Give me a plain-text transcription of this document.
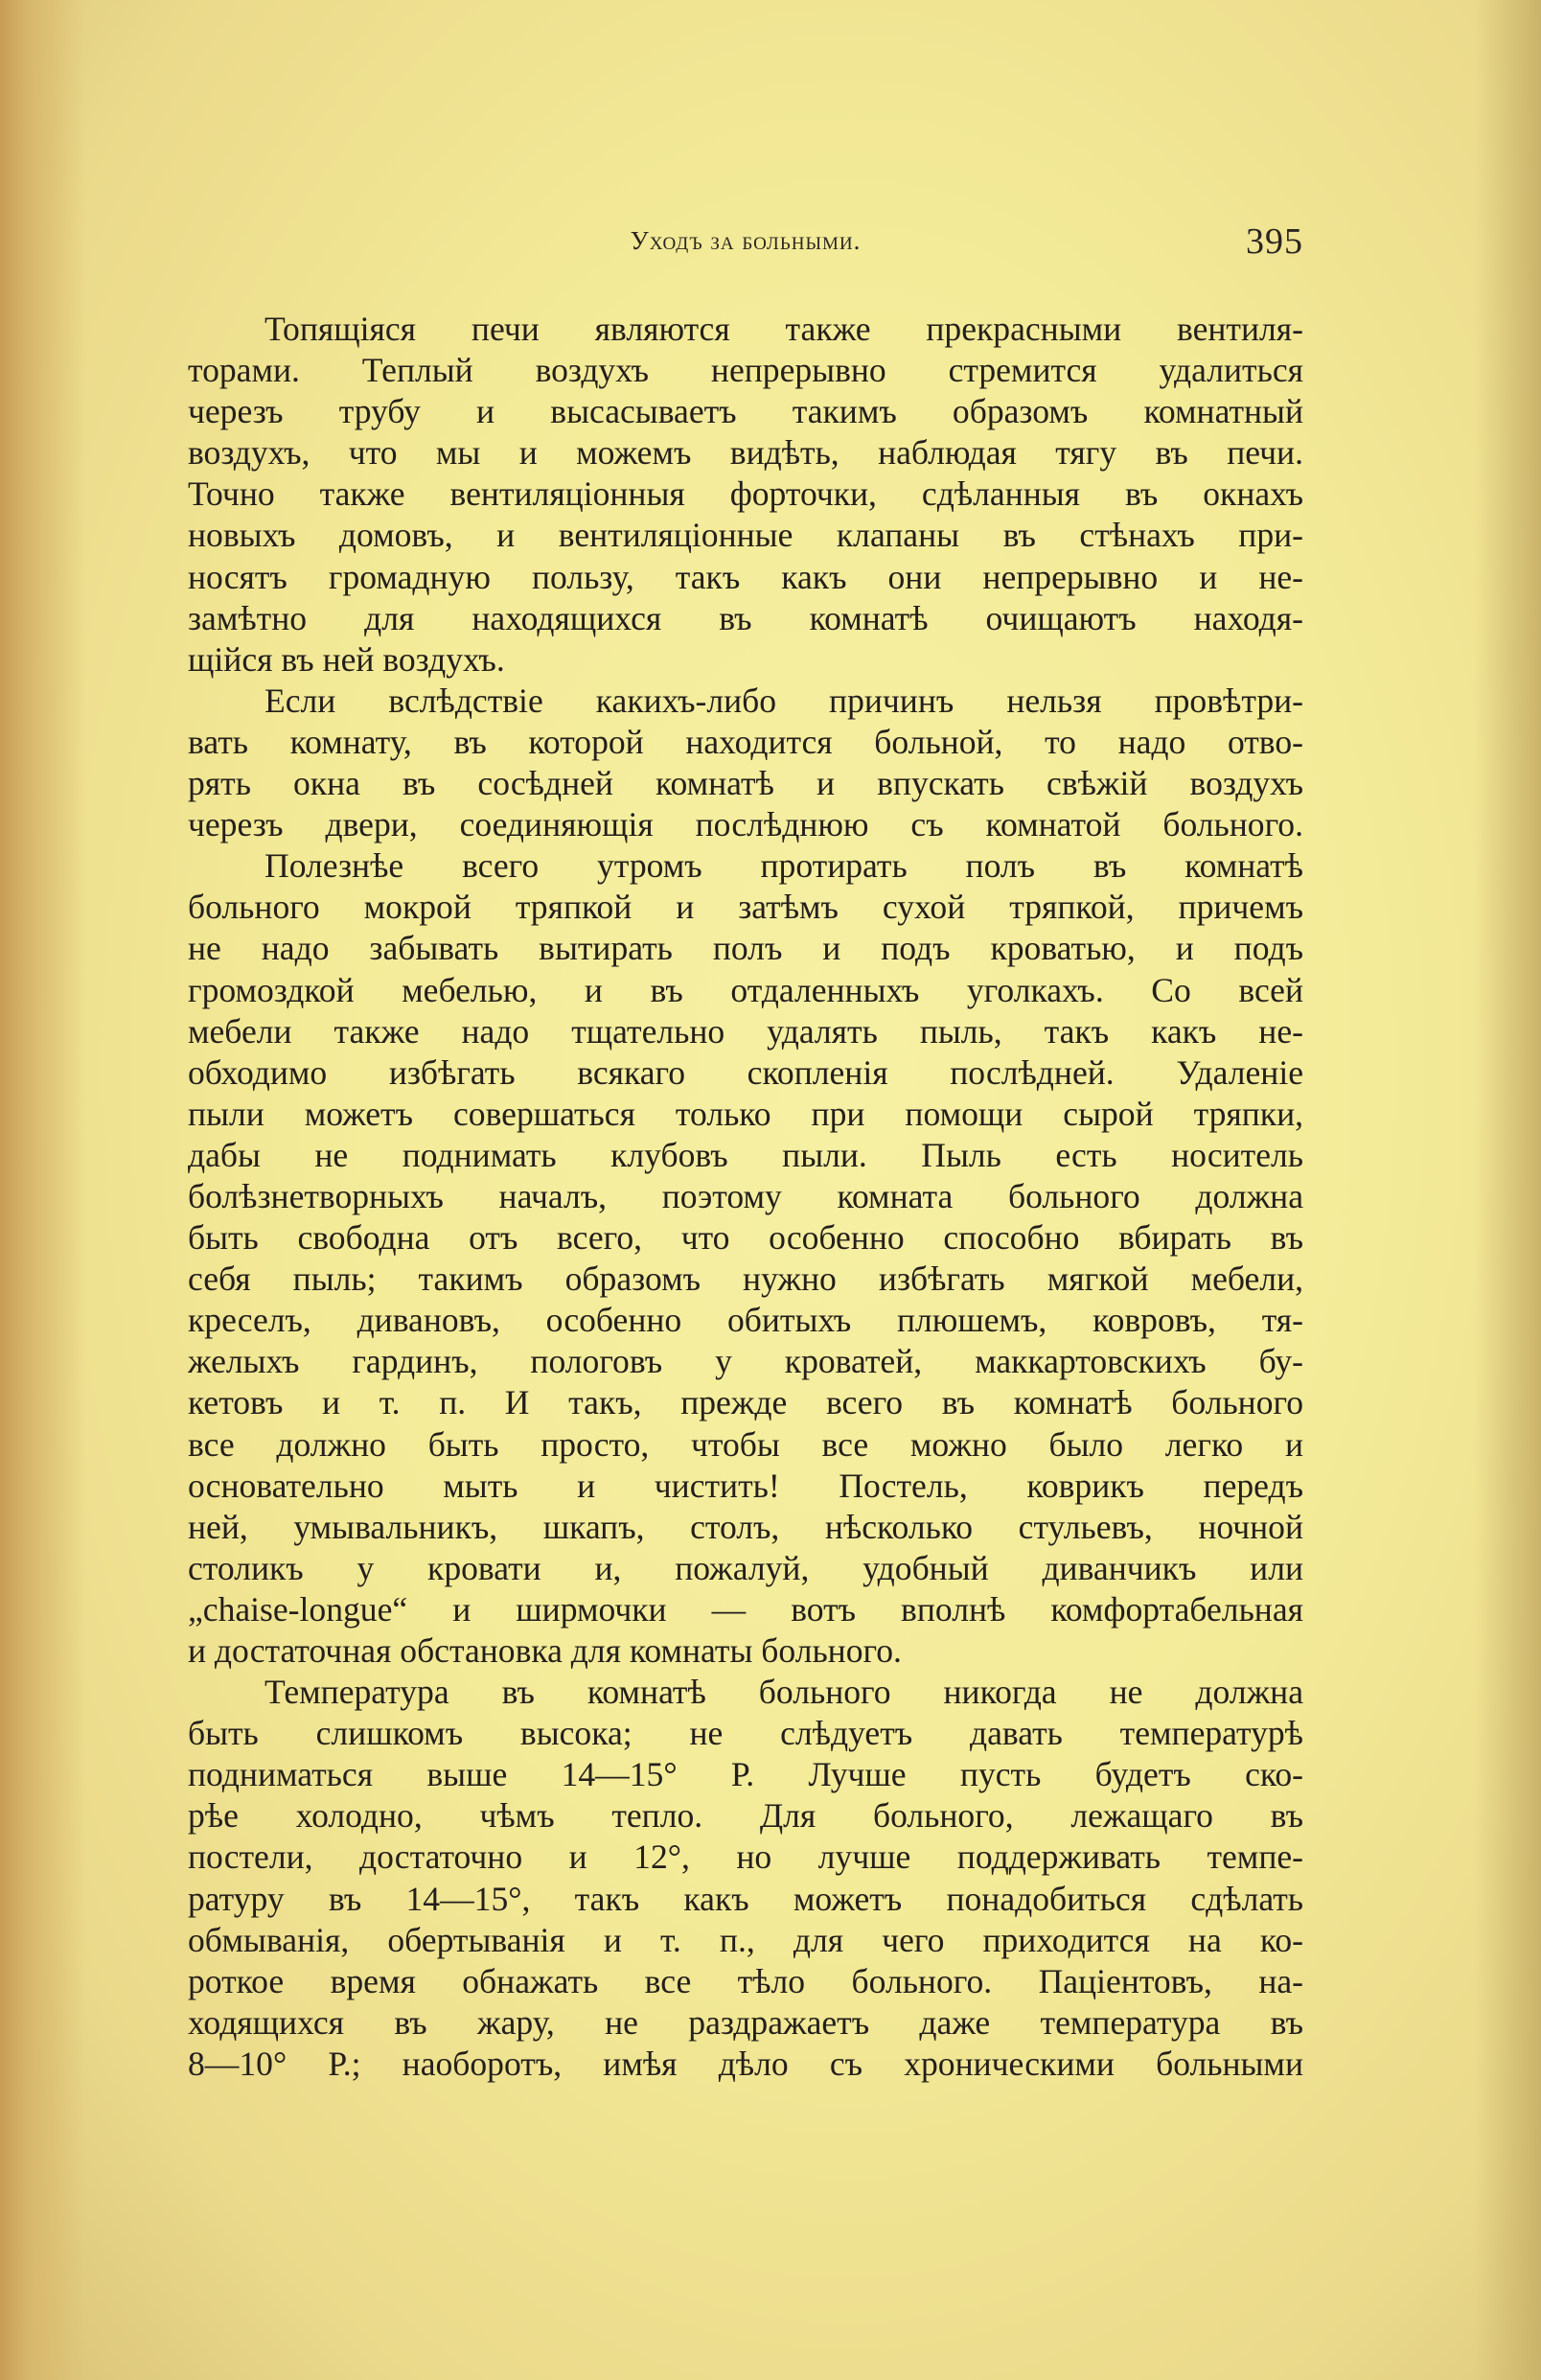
Уходъ за больными.	395
Топящіяся печи являются также прекрасными вентиля-
торами. Теплый воздухъ непрерывно стремится удалиться
черезъ трубу и высасываетъ такимъ образомъ комнатный
воздухъ, что мы и можемъ видѣть, наблюдая тягу въ печи.
Точно также вентиляціонныя форточки, сдѣланныя въ окнахъ
новыхъ домовъ, и вентиляціонные клапаны въ стѣнахъ при-
носятъ громадную пользу, такъ какъ они непрерывно и не-
замѣтно для находящихся въ комнатѣ очищаютъ находя-
щійся въ ней воздухъ.
Если вслѣдствіе какихъ-либо причинъ нельзя провѣтри-
вать комнату, въ которой находится больной, то надо отво-
рять окна въ сосѣдней комнатѣ и впускать свѣжій воздухъ
черезъ двери, соединяющія послѣднюю съ комнатой больного.
Полезнѣе всего утромъ протирать полъ въ комнатѣ
больного мокрой тряпкой и затѣмъ сухой тряпкой, причемъ
не надо забывать вытирать полъ и подъ кроватью, и подъ
громоздкой мебелью, и въ отдаленныхъ уголкахъ. Со всей
мебели также надо тщательно удалять пыль, такъ какъ не-
обходимо избѣгать всякаго скопленія послѣдней. Удаленіе
пыли можетъ совершаться только при помощи сырой тряпки,
дабы не поднимать клубовъ пыли. Пыль есть носитель
болѣзнетворныхъ началъ, поэтому комната больного должна
быть свободна отъ всего, что особенно способно вбирать въ
себя пыль; такимъ образомъ нужно избѣгать мягкой мебели,
креселъ, дивановъ, особенно обитыхъ плюшемъ, ковровъ, тя-
желыхъ гардинъ, пологовъ у кроватей, маккартовскихъ бу-
кетовъ и т. п. И такъ, прежде всего въ комнатѣ больного
все должно быть просто, чтобы все можно было легко и
основательно мыть и чистить! Постель, коврикъ передъ
ней, умывальникъ, шкапъ, столъ, нѣсколько стульевъ, ночной
столикъ у кровати и, пожалуй, удобный диванчикъ или
„chaise-longue“ и ширмочки — вотъ вполнѣ комфортабельная
и достаточная обстановка для комнаты больного.
Температура въ комнатѣ больного никогда не должна
быть слишкомъ высока; не слѣдуетъ давать температурѣ
подниматься выше 14—15° Р. Лучше пусть будетъ ско-
рѣе холодно, чѣмъ тепло. Для больного, лежащаго въ
постели, достаточно и 12°, но лучше поддерживать темпе-
ратуру въ 14—15°, такъ какъ можетъ понадобиться сдѣлать
обмыванія, обертыванія и т. п., для чего приходится на ко-
роткое время обнажать все тѣло больного. Паціентовъ, на-
ходящихся въ жару, не раздражаетъ даже температура въ
8—10° Р.; наоборотъ, имѣя дѣло съ хроническими больными
